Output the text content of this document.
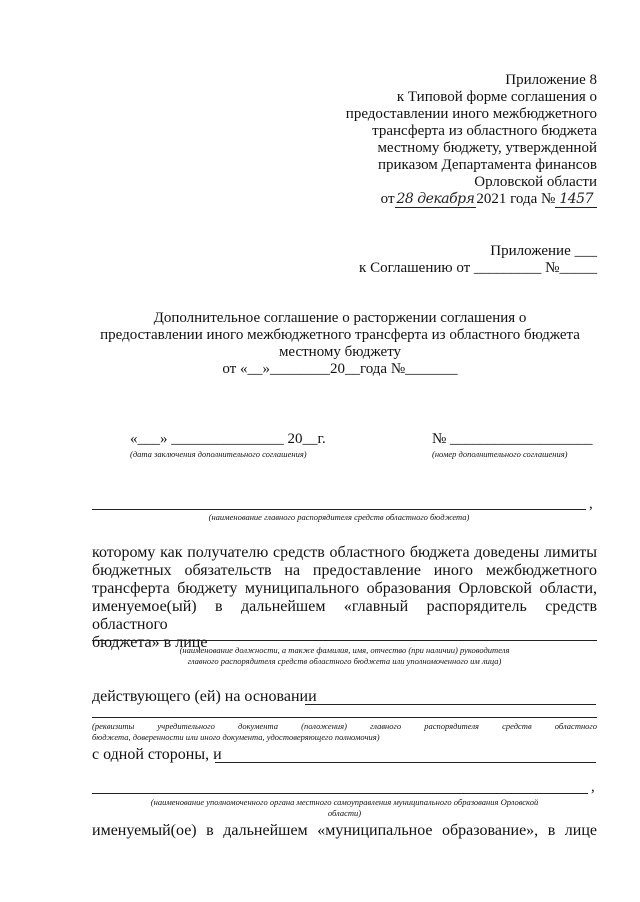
Приложение 8
к Типовой форме соглашения о
предоставлении иного межбюджетного
трансферта из областного бюджета
местному бюджету, утвержденной
приказом Департамента финансов
Орловской области
от 28 декабря 2021 года № 1457
Приложение ___
к Соглашению от _________ №_____
Дополнительное соглашение о расторжении соглашения о
предоставлении иного межбюджетного трансферта из областного бюджета
местному бюджету
от «__»________20__года №_______
«___» _______________ 20__г.
(дата заключения дополнительного соглашения)
№ ___________________
(номер дополнительного соглашения)
,
(наименование главного распорядителя средств областного бюджета)
которому как получателю средств областного бюджета доведены лимиты
бюджетных обязательств на предоставление иного межбюджетного
трансферта бюджету муниципального образования Орловской области,
именуемое(ый) в дальнейшем «главный распорядитель средств областного
бюджета» в лице
(наименование должности, а также фамилия, имя, отчество (при наличии) руководителя
главного распорядителя средств областного бюджета или уполномоченного им лица)
действующего (ей) на основании
(реквизиты учредительного документа (положения) главного распорядителя средств областного
бюджета, доверенности или иного документа, удостоверяющего полномочия)
с одной стороны, и
,
(наименование уполномоченного органа местного самоуправления муниципального образования Орловской
области)
именуемый(ое) в дальнейшем «муниципальное образование», в лице
